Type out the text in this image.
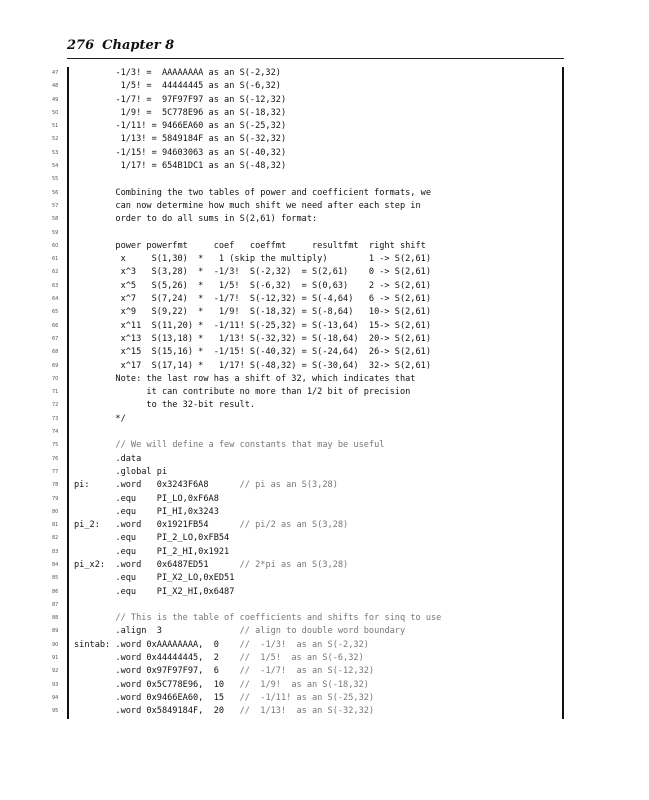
276 Chapter 8
47	-1/3! =  AAAAAAAA as an S(-2,32)
48	1/5! =  44444445 as an S(-6,32)
49	-1/7! =  97F97F97 as an S(-12,32)
50	1/9! =  5C778E96 as an S(-18,32)
51	-1/11! = 9466EA60 as an S(-25,32)
52	1/13! = 5849184F as an S(-32,32)
53	-1/15! = 94603063 as an S(-40,32)
54	1/17! = 654B1DC1 as an S(-48,32)
55
56	Combining the two tables of power and coefficient formats, we
57	can now determine how much shift we need after each step in
58	order to do all sums in S(2,61) format:
59
60	power powerfmt     coef   coeffmt     resultfmt  right shift
61	x     S(1,30)  *   1 (skip the multiply)        1 -> S(2,61)
62	x^3   S(3,28)  *  -1/3!  S(-2,32)  = S(2,61)    0 -> S(2,61)
63	x^5   S(5,26)  *   1/5!  S(-6,32)  = S(0,63)    2 -> S(2,61)
64	x^7   S(7,24)  *  -1/7!  S(-12,32) = S(-4,64)   6 -> S(2,61)
65	x^9   S(9,22)  *   1/9!  S(-18,32) = S(-8,64)   10-> S(2,61)
66	x^11  S(11,20) *  -1/11! S(-25,32) = S(-13,64)  15-> S(2,61)
67	x^13  S(13,18) *   1/13! S(-32,32) = S(-18,64)  20-> S(2,61)
68	x^15  S(15,16) *  -1/15! S(-40,32) = S(-24,64)  26-> S(2,61)
69	x^17  S(17,14) *   1/17! S(-48,32) = S(-30,64)  32-> S(2,61)
70	Note: the last row has a shift of 32, which indicates that
71	it can contribute no more than 1/2 bit of precision
72	to the 32-bit result.
73	*/
74
75	// We will define a few constants that may be useful
76	.data
77	.global pi
78	pi:     .word   0x3243F6A8      // pi as an S(3,28)
79	.equ    PI_LO,0xF6A8
80	.equ    PI_HI,0x3243
81	pi_2:   .word   0x1921FB54      // pi/2 as an S(3,28)
82	.equ    PI_2_LO,0xFB54
83	.equ    PI_2_HI,0x1921
84	pi_x2:  .word   0x6487ED51      // 2*pi as an S(3,28)
85	.equ    PI_X2_LO,0xED51
86	.equ    PI_X2_HI,0x6487
87
88	// This is the table of coefficients and shifts for sinq to use
89	.align  3               // align to double word boundary
90	sintab: .word 0xAAAAAAAA,  0    //  -1/3!  as an S(-2,32)
91	.word 0x44444445,  2    //  1/5!  as an S(-6,32)
92	.word 0x97F97F97,  6    //  -1/7!  as an S(-12,32)
93	.word 0x5C778E96,  10   //  1/9!  as an S(-18,32)
94	.word 0x9466EA60,  15   //  -1/11! as an S(-25,32)
95	.word 0x5849184F,  20   //  1/13!  as an S(-32,32)
